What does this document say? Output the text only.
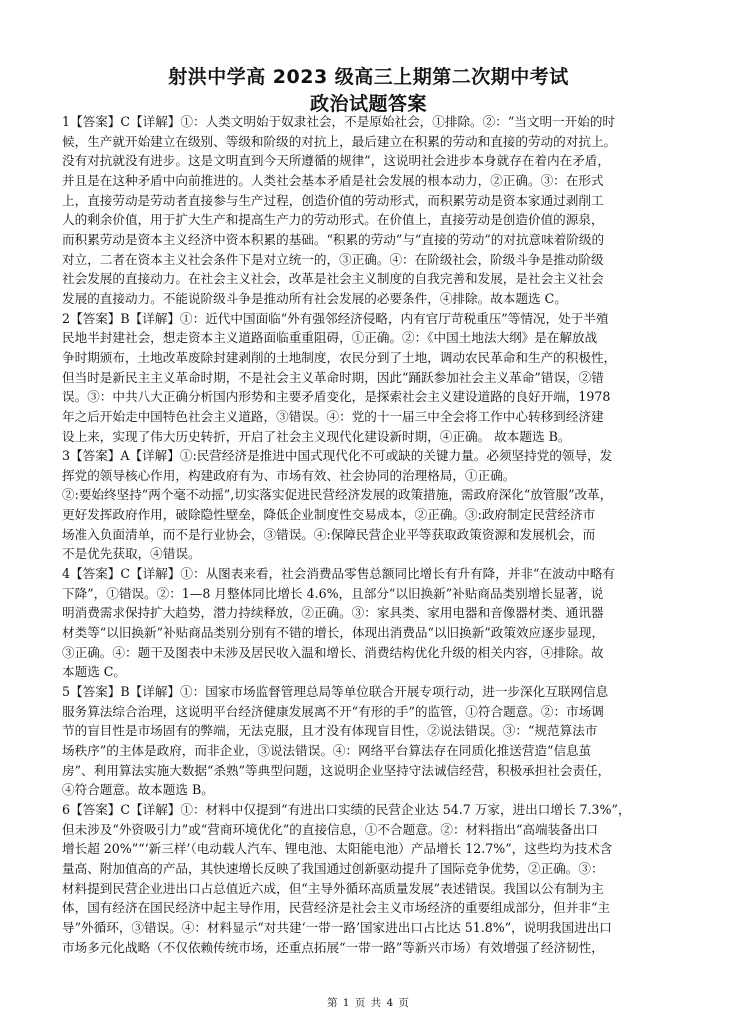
射洪中学高 2023 级高三上期第二次期中考试
政治试题答案

1【答案】C【详解】①：人类文明始于奴隶社会，不是原始社会，①排除。②：“当文明一开始的时
候，生产就开始建立在级别、等级和阶级的对抗上，最后建立在积累的劳动和直接的劳动的对抗上。
没有对抗就没有进步。这是文明直到今天所遵循的规律”，这说明社会进步本身就存在着内在矛盾，
并且是在这种矛盾中向前推进的。人类社会基本矛盾是社会发展的根本动力，②正确。③：在形式
上，直接劳动是劳动者直接参与生产过程，创造价值的劳动形式，而积累劳动是资本家通过剥削工
人的剩余价值，用于扩大生产和提高生产力的劳动形式。在价值上，直接劳动是创造价值的源泉，
而积累劳动是资本主义经济中资本积累的基础。“积累的劳动”与“直接的劳动”的对抗意味着阶级的
对立，二者在资本主义社会条件下是对立统一的，③正确。④：在阶级社会，阶级斗争是推动阶级
社会发展的直接动力。在社会主义社会，改革是社会主义制度的自我完善和发展，是社会主义社会
发展的直接动力。不能说阶级斗争是推动所有社会发展的必要条件，④排除。故本题选 C。

2【答案】B【详解】①：近代中国面临“外有强邻经济侵略，内有官厅苛税重压”等情况，处于半殖
民地半封建社会，想走资本主义道路面临重重阻碍，①正确。②：《中国土地法大纲》是在解放战
争时期颁布，土地改革废除封建剥削的土地制度，农民分到了土地，调动农民革命和生产的积极性，
但当时是新民主主义革命时期，不是社会主义革命时期，因此“踊跃参加社会主义革命”错误，②错
误。③：中共八大正确分析国内形势和主要矛盾变化，是探索社会主义建设道路的良好开端，1978
年之后开始走中国特色社会主义道路，③错误。④：党的十一届三中全会将工作中心转移到经济建
设上来，实现了伟大历史转折，开启了社会主义现代化建设新时期，④正确。 故本题选 B。

3【答案】A【详解】①:民营经济是推进中国式现代化不可或缺的关键力量。必须坚持党的领导，发
挥党的领导核心作用，构建政府有为、市场有效、社会协同的治理格局，①正确。
②:要始终坚持“两个毫不动摇”,切实落实促进民营经济发展的政策措施，需政府深化“放管服”改革，
更好发挥政府作用，破除隐性壁垒，降低企业制度性交易成本，②正确。③:政府制定民营经济市
场准入负面清单，而不是行业协会，③错误。④:保障民营企业平等获取政策资源和发展机会，而
不是优先获取，④错误。

4【答案】C【详解】①：从图表来看，社会消费品零售总额同比增长有升有降，并非“在波动中略有
下降”，①错误。②：1—8 月整体同比增长 4.6%，且部分“以旧换新”补贴商品类别增长显著，说
明消费需求保持扩大趋势，潜力持续释放，②正确。③：家具类、家用电器和音像器材类、通讯器
材类等“以旧换新”补贴商品类别分别有不错的增长，体现出消费品“以旧换新”政策效应逐步显现，
③正确。④：题干及图表中未涉及居民收入温和增长、消费结构优化升级的相关内容，④排除。故
本题选 C。

5【答案】B【详解】①：国家市场监督管理总局等单位联合开展专项行动，进一步深化互联网信息
服务算法综合治理，这说明平台经济健康发展离不开“有形的手”的监管，①符合题意。②：市场调
节的盲目性是市场固有的弊端，无法克服，且才没有体现盲目性，②说法错误。③：“规范算法市
场秩序”的主体是政府，而非企业，③说法错误。④：网络平台算法存在同质化推送营造“信息茧
房”、利用算法实施大数据“杀熟”等典型问题，这说明企业坚持守法诚信经营，积极承担社会责任，
④符合题意。故本题选 B。

6【答案】C【详解】①：材料中仅提到“有进出口实绩的民营企业达 54.7 万家，进出口增长 7.3%”，
但未涉及“外资吸引力”或“营商环境优化”的直接信息，①不合题意。②：材料指出“高端装备出口
增长超 20%”“‘新三样’（电动载人汽车、锂电池、太阳能电池）产品增长 12.7%”，这些均为技术含
量高、附加值高的产品，其快速增长反映了我国通过创新驱动提升了国际竞争优势，②正确。③：
材料提到民营企业进出口占总值近六成，但“主导外循环高质量发展”表述错误。我国以公有制为主
体，国有经济在国民经济中起主导作用，民营经济是社会主义市场经济的重要组成部分，但并非“主
导”外循环，③错误。④：材料显示“对共建‘一带一路’国家进出口占比达 51.8%”，说明我国进出口
市场多元化战略（不仅依赖传统市场，还重点拓展“一带一路”等新兴市场）有效增强了经济韧性，

第 1 页 共 4 页
